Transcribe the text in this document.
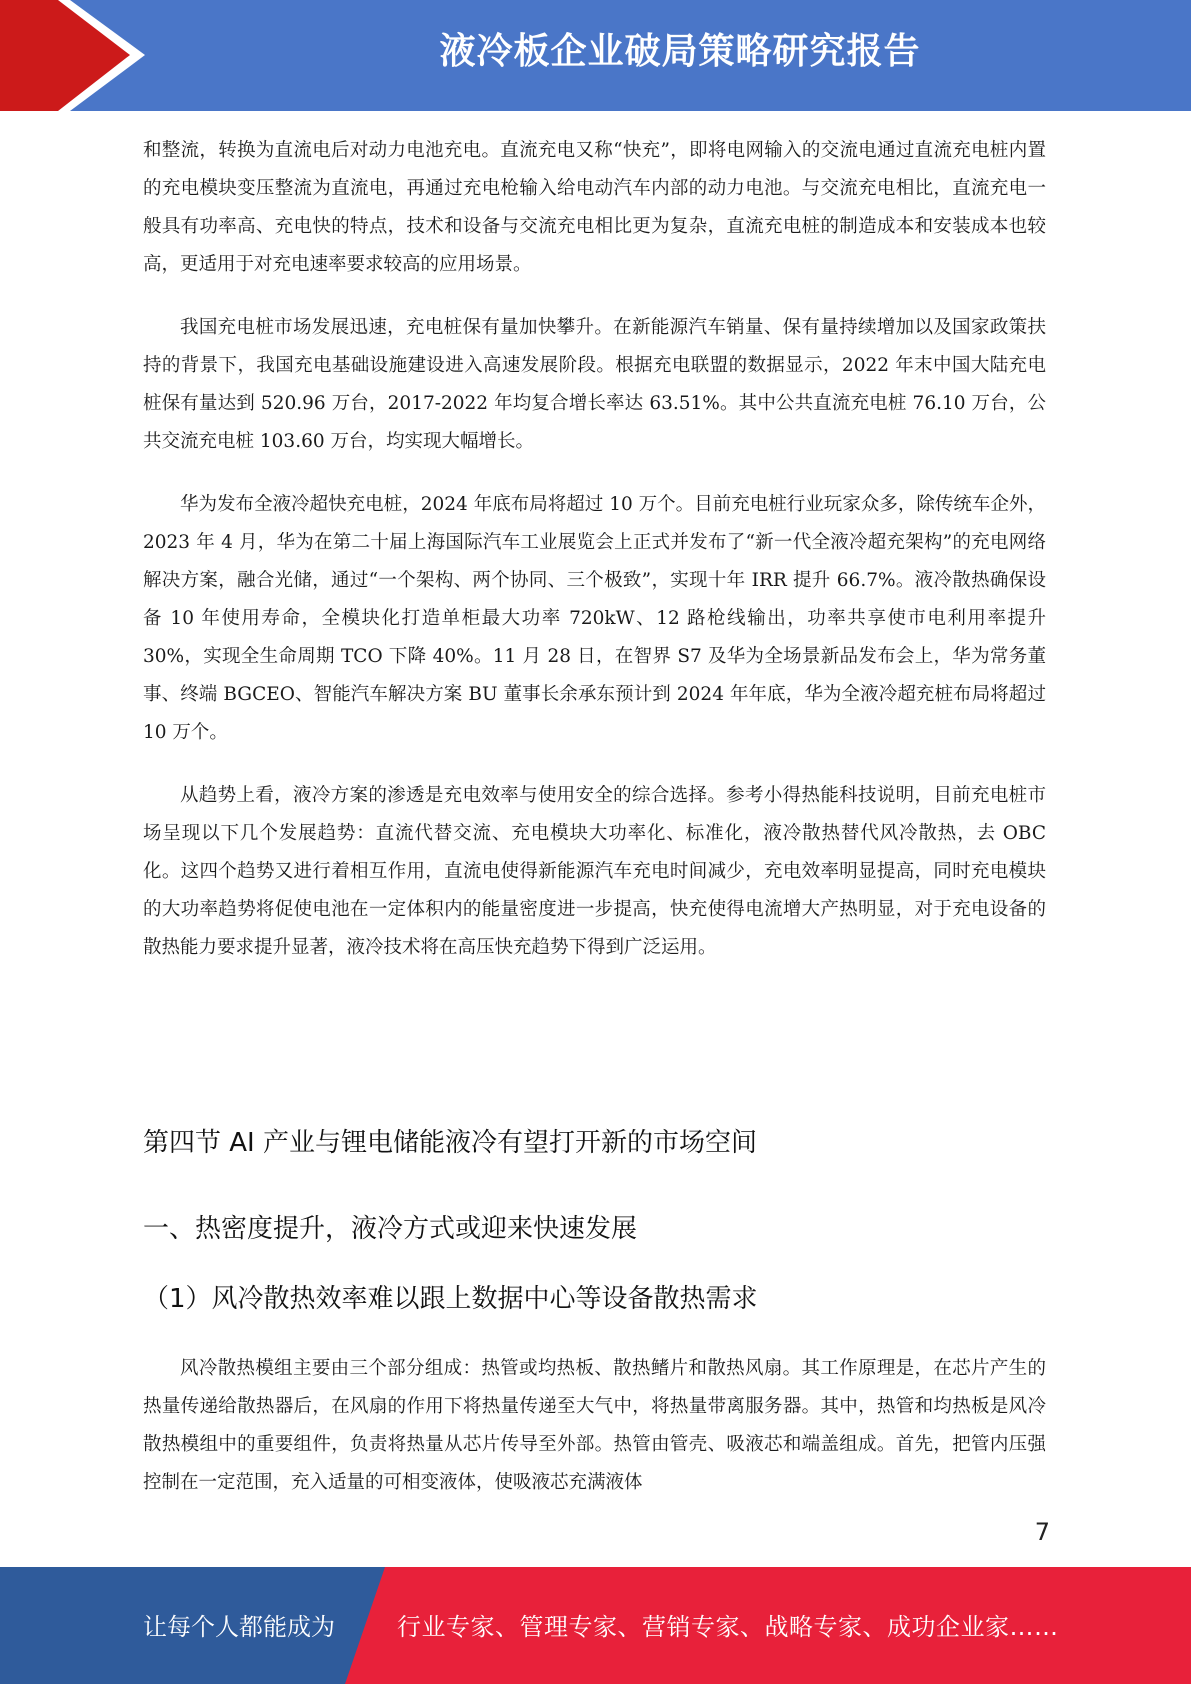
液冷板企业破局策略研究报告

和整流，转换为直流电后对动力电池充电。直流充电又称“快充”，即将电网输入的交流电通过直流充电桩内置的充电模块变压整流为直流电，再通过充电枪输入给电动汽车内部的动力电池。与交流充电相比，直流充电一般具有功率高、充电快的特点，技术和设备与交流充电相比更为复杂，直流充电桩的制造成本和安装成本也较高，更适用于对充电速率要求较高的应用场景。

我国充电桩市场发展迅速，充电桩保有量加快攀升。在新能源汽车销量、保有量持续增加以及国家政策扶持的背景下，我国充电基础设施建设进入高速发展阶段。根据充电联盟的数据显示，2022 年末中国大陆充电桩保有量达到 520.96 万台，2017-2022 年均复合增长率达 63.51%。其中公共直流充电桩 76.10 万台，公共交流充电桩 103.60 万台，均实现大幅增长。

华为发布全液冷超快充电桩，2024 年底布局将超过 10 万个。目前充电桩行业玩家众多，除传统车企外，2023 年 4 月，华为在第二十届上海国际汽车工业展览会上正式并发布了“新一代全液冷超充架构”的充电网络解决方案，融合光储，通过“一个架构、两个协同、三个极致”，实现十年 IRR 提升 66.7%。液冷散热确保设备 10 年使用寿命，全模块化打造单柜最大功率 720kW、12 路枪线输出，功率共享使市电利用率提升 30%，实现全生命周期 TCO 下降 40%。11 月 28 日，在智界 S7 及华为全场景新品发布会上，华为常务董事、终端 BGCEO、智能汽车解决方案 BU 董事长余承东预计到 2024 年年底，华为全液冷超充桩布局将超过 10 万个。

从趋势上看，液冷方案的渗透是充电效率与使用安全的综合选择。参考小得热能科技说明，目前充电桩市场呈现以下几个发展趋势：直流代替交流、充电模块大功率化、标准化，液冷散热替代风冷散热，去 OBC 化。这四个趋势又进行着相互作用，直流电使得新能源汽车充电时间减少，充电效率明显提高，同时充电模块的大功率趋势将促使电池在一定体积内的能量密度进一步提高，快充使得电流增大产热明显，对于充电设备的散热能力要求提升显著，液冷技术将在高压快充趋势下得到广泛运用。

第四节 AI 产业与锂电储能液冷有望打开新的市场空间
一、热密度提升，液冷方式或迎来快速发展
（1）风冷散热效率难以跟上数据中心等设备散热需求

风冷散热模组主要由三个部分组成：热管或均热板、散热鳍片和散热风扇。其工作原理是，在芯片产生的热量传递给散热器后，在风扇的作用下将热量传递至大气中，将热量带离服务器。其中，热管和均热板是风冷散热模组中的重要组件，负责将热量从芯片传导至外部。热管由管壳、吸液芯和端盖组成。首先，把管内压强控制在一定范围，充入适量的可相变液体，使吸液芯充满液体

7
让每个人都能成为	行业专家、管理专家、营销专家、战略专家、成功企业家……
